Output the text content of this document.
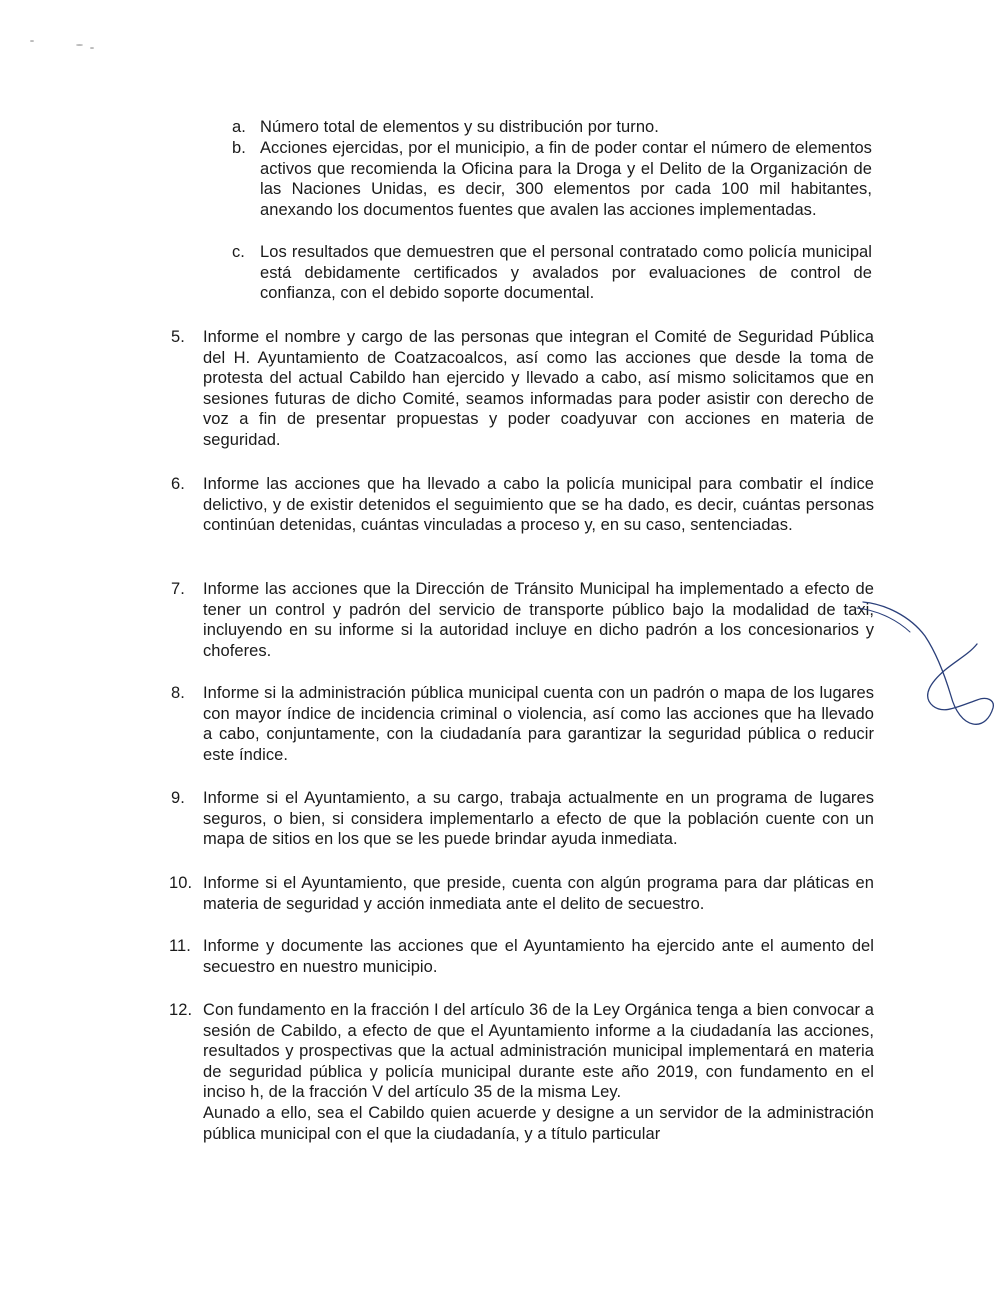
a. Número total de elementos y su distribución por turno.
b. Acciones ejercidas, por el municipio, a fin de poder contar el número de elementos activos que recomienda la Oficina para la Droga y el Delito de la Organización de las Naciones Unidas, es decir, 300 elementos por cada 100 mil habitantes, anexando los documentos fuentes que avalen las acciones implementadas.
c. Los resultados que demuestren que el personal contratado como policía municipal está debidamente certificados y avalados por evaluaciones de control de confianza, con el debido soporte documental.
5. Informe el nombre y cargo de las personas que integran el Comité de Seguridad Pública del H. Ayuntamiento de Coatzacoalcos, así como las acciones que desde la toma de protesta del actual Cabildo han ejercido y llevado a cabo, así mismo solicitamos que en sesiones futuras de dicho Comité, seamos informadas para poder asistir con derecho de voz a fin de presentar propuestas y poder coadyuvar con acciones en materia de seguridad.
6. Informe las acciones que ha llevado a cabo la policía municipal para combatir el índice delictivo, y de existir detenidos el seguimiento que se ha dado, es decir, cuántas personas continúan detenidas, cuántas vinculadas a proceso y, en su caso, sentenciadas.
7. Informe las acciones que la Dirección de Tránsito Municipal ha implementado a efecto de tener un control y padrón del servicio de transporte público bajo la modalidad de taxi, incluyendo en su informe si la autoridad incluye en dicho padrón a los concesionarios y choferes.
8. Informe si la administración pública municipal cuenta con un padrón o mapa de los lugares con mayor índice de incidencia criminal o violencia, así como las acciones que ha llevado a cabo, conjuntamente, con la ciudadanía para garantizar la seguridad pública o reducir este índice.
9. Informe si el Ayuntamiento, a su cargo, trabaja actualmente en un programa de lugares seguros, o bien, si considera implementarlo a efecto de que la población cuente con un mapa de sitios en los que se les puede brindar ayuda inmediata.
10. Informe si el Ayuntamiento, que preside, cuenta con algún programa para dar pláticas en materia de seguridad y acción inmediata ante el delito de secuestro.
11. Informe y documente las acciones que el Ayuntamiento ha ejercido ante el aumento del secuestro en nuestro municipio.
12. Con fundamento en la fracción I del artículo 36 de la Ley Orgánica tenga a bien convocar a sesión de Cabildo, a efecto de que el Ayuntamiento informe a la ciudadanía las acciones, resultados y prospectivas que la actual administración municipal implementará en materia de seguridad pública y policía municipal durante este año 2019, con fundamento en el inciso h, de la fracción V del artículo 35 de la misma Ley.
Aunado a ello, sea el Cabildo quien acuerde y designe a un servidor de la administración pública municipal con el que la ciudadanía, y a título particular
